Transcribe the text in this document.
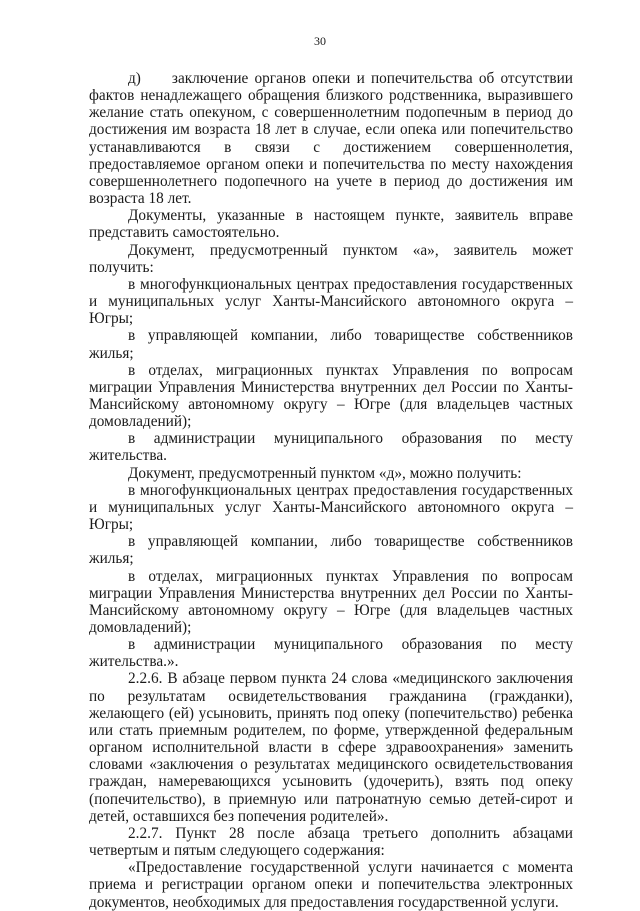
30

д)     заключение органов опеки и попечительства об отсутствии фактов ненадлежащего обращения близкого родственника, выразившего желание стать опекуном, с совершеннолетним подопечным в период до достижения им возраста 18 лет в случае, если опека или попечительство устанавливаются в связи с достижением совершеннолетия, предоставляемое органом опеки и попечительства по месту нахождения совершеннолетнего подопечного на учете в период до достижения им возраста 18 лет.

Документы, указанные в настоящем пункте, заявитель вправе представить самостоятельно.

Документ, предусмотренный пунктом «а», заявитель может получить:

в многофункциональных центрах предоставления государственных и муниципальных услуг Ханты-Мансийского автономного округа – Югры;

в управляющей компании, либо товариществе собственников жилья;

в отделах, миграционных пунктах Управления по вопросам миграции Управления Министерства внутренних дел России по Ханты-Мансийскому автономному округу – Югре (для владельцев частных домовладений);

в администрации муниципального образования по месту жительства.

Документ, предусмотренный пунктом «д», можно получить:

в многофункциональных центрах предоставления государственных и муниципальных услуг Ханты-Мансийского автономного округа – Югры;

в управляющей компании, либо товариществе собственников жилья;

в отделах, миграционных пунктах Управления по вопросам миграции Управления Министерства внутренних дел России по Ханты-Мансийскому автономному округу – Югре (для владельцев частных домовладений);

в администрации муниципального образования по месту жительства.».

2.2.6. В абзаце первом пункта 24 слова «медицинского заключения по результатам освидетельствования гражданина (гражданки), желающего (ей) усыновить, принять под опеку (попечительство) ребенка или стать приемным родителем, по форме, утвержденной федеральным органом исполнительной власти в сфере здравоохранения» заменить словами «заключения о результатах медицинского освидетельствования граждан, намеревающихся усыновить (удочерить), взять под опеку (попечительство), в приемную или патронатную семью детей-сирот и детей, оставшихся без попечения родителей».

2.2.7. Пункт 28 после абзаца третьего дополнить абзацами четвертым и пятым следующего содержания:

«Предоставление государственной услуги начинается с момента приема и регистрации органом опеки и попечительства электронных документов, необходимых для предоставления государственной услуги.
